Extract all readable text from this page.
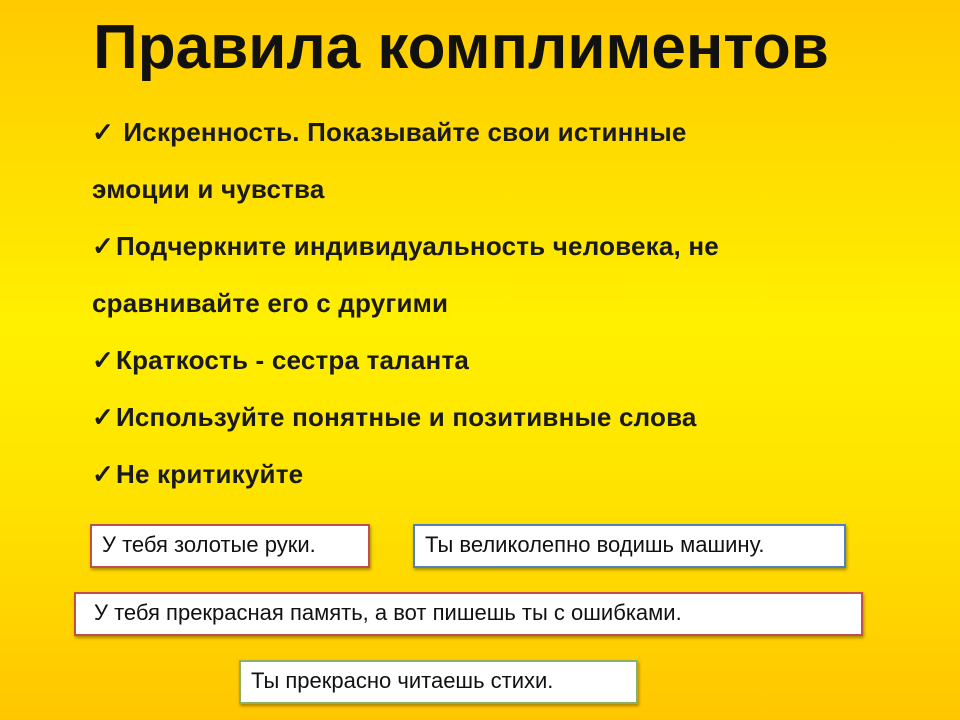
Правила комплиментов
✓ Искренность. Показывайте свои истинные
эмоции и чувства
✓Подчеркните индивидуальность человека, не
сравнивайте его с другими
✓Краткость - сестра таланта
✓Используйте понятные и позитивные слова
✓Не критикуйте
У тебя золотые руки.	Ты великолепно водишь машину.
У тебя прекрасная память, а вот пишешь ты с ошибками.
Ты прекрасно читаешь стихи.
